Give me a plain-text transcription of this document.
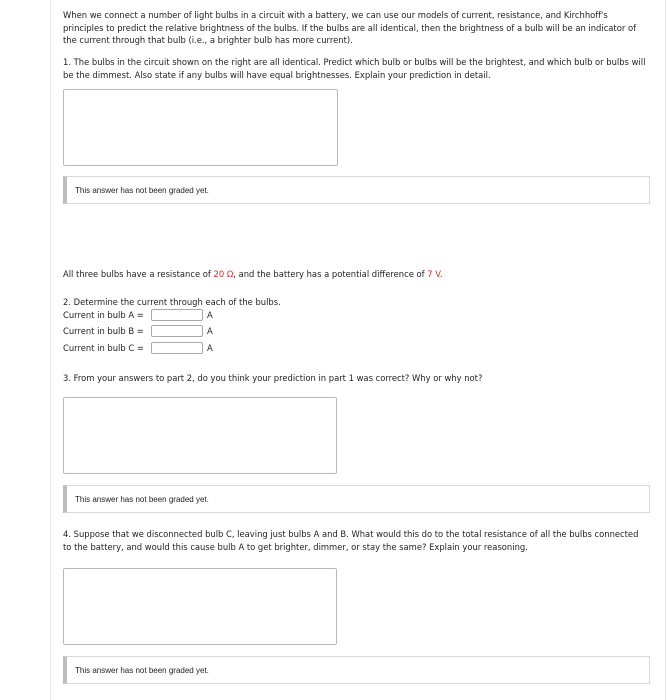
When we connect a number of light bulbs in a circuit with a battery, we can use our models of current, resistance, and Kirchhoff's principles to predict the relative brightness of the bulbs. If the bulbs are all identical, then the brightness of a bulb will be an indicator of the current through that bulb (i.e., a brighter bulb has more current).
1. The bulbs in the circuit shown on the right are all identical. Predict which bulb or bulbs will be the brightest, and which bulb or bulbs will be the dimmest. Also state if any bulbs will have equal brightnesses. Explain your prediction in detail.
This answer has not been graded yet.
All three bulbs have a resistance of 20 Ω, and the battery has a potential difference of 7 V.
2. Determine the current through each of the bulbs.
Current in bulb A =	A
Current in bulb B =	A
Current in bulb C =	A
3. From your answers to part 2, do you think your prediction in part 1 was correct? Why or why not?
This answer has not been graded yet.
4. Suppose that we disconnected bulb C, leaving just bulbs A and B. What would this do to the total resistance of all the bulbs connected to the battery, and would this cause bulb A to get brighter, dimmer, or stay the same? Explain your reasoning.
This answer has not been graded yet.
